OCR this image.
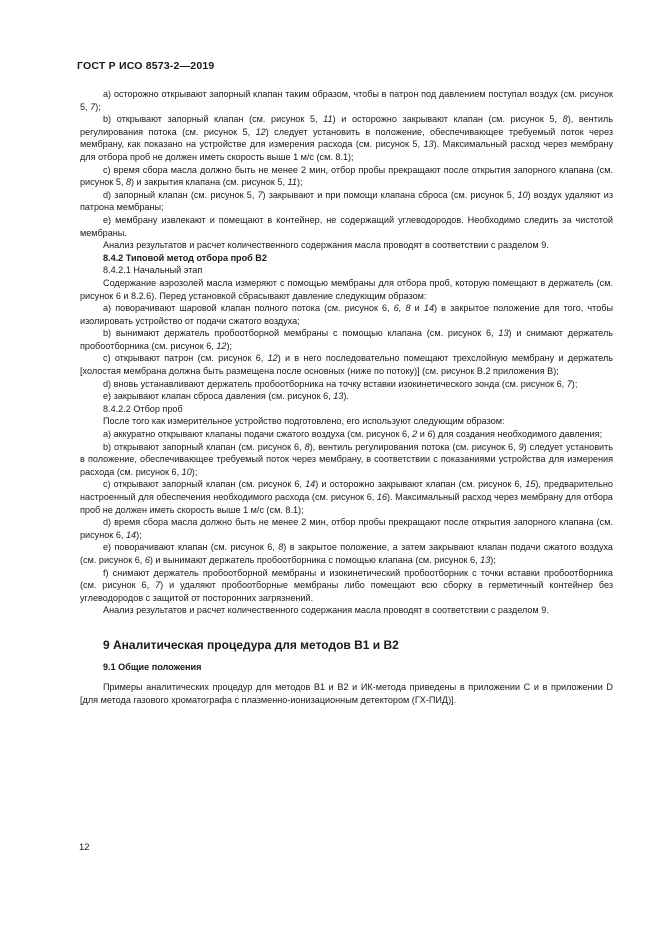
ГОСТ Р ИСО 8573-2—2019

а) осторожно открывают запорный клапан таким образом, чтобы в патрон под давлением поступал воздух (см. рисунок 5, 7);

b) открывают запорный клапан (см. рисунок 5, 11) и осторожно закрывают клапан (см. рисунок 5, 8), вентиль регулирования потока (см. рисунок 5, 12) следует установить в положение, обеспечивающее требуемый поток через мембрану, как показано на устройстве для измерения расхода (см. рисунок 5, 13). Максимальный расход через мембрану для отбора проб не должен иметь скорость выше 1 м/с (см. 8.1);

c) время сбора масла должно быть не менее 2 мин, отбор пробы прекращают после открытия запорного клапана (см. рисунок 5, 8) и закрытия клапана (см. рисунок 5, 11);

d) запорный клапан (см. рисунок 5, 7) закрывают и при помощи клапана сброса (см. рисунок 5, 10) воздух удаляют из патрона мембраны;

e) мембрану извлекают и помещают в контейнер, не содержащий углеводородов. Необходимо следить за чистотой мембраны.

Анализ результатов и расчет количественного содержания масла проводят в соответствии с разделом 9.

8.4.2 Типовой метод отбора проб B2

8.4.2.1 Начальный этап

Содержание аэрозолей масла измеряют с помощью мембраны для отбора проб, которую помещают в держатель (см. рисунок 6 и 8.2.6). Перед установкой сбрасывают давление следующим образом:

а) поворачивают шаровой клапан полного потока (см. рисунок 6, 6, 8 и 14) в закрытое положение для того, чтобы изолировать устройство от подачи сжатого воздуха;

b) вынимают держатель пробоотборной мембраны с помощью клапана (см. рисунок 6, 13) и снимают держатель пробоотборника (см. рисунок 6, 12);

c) открывают патрон (см. рисунок 6, 12) и в него последовательно помещают трехслойную мембрану и держатель [холостая мембрана должна быть размещена после основных (ниже по потоку)] (см. рисунок В.2 приложения В);

d) вновь устанавливают держатель пробоотборника на точку вставки изокинетического зонда (см. рисунок 6, 7);

e) закрывают клапан сброса давления (см. рисунок 6, 13).

8.4.2.2 Отбор проб

После того как измерительное устройство подготовлено, его используют следующим образом:

а) аккуратно открывают клапаны подачи сжатого воздуха (см. рисунок 6, 2 и 6) для создания необходимого давления;

b) открывают запорный клапан (см. рисунок 6, 8), вентиль регулирования потока (см. рисунок 6, 9) следует установить в положение, обеспечивающее требуемый поток через мембрану, в соответствии с показаниями устройства для измерения расхода (см. рисунок 6, 10);

c) открывают запорный клапан (см. рисунок 6, 14) и осторожно закрывают клапан (см. рисунок 6, 15), предварительно настроенный для обеспечения необходимого расхода (см. рисунок 6, 16). Максимальный расход через мембрану для отбора проб не должен иметь скорость выше 1 м/с (см. 8.1);

d) время сбора масла должно быть не менее 2 мин, отбор пробы прекращают после открытия запорного клапана (см. рисунок 6, 14);

e) поворачивают клапан (см. рисунок 6, 8) в закрытое положение, а затем закрывают клапан подачи сжатого воздуха (см. рисунок 6, 6) и вынимают держатель пробоотборника с помощью клапана (см. рисунок 6, 13);

f) снимают держатель пробоотборной мембраны и изокинетический пробоотборник с точки вставки пробоотборника (см. рисунок 6, 7) и удаляют пробоотборные мембраны либо помещают всю сборку в герметичный контейнер без углеводородов с защитой от посторонних загрязнений.

Анализ результатов и расчет количественного содержания масла проводят в соответствии с разделом 9.

9 Аналитическая процедура для методов B1 и B2
9.1 Общие положения

Примеры аналитических процедур для методов B1 и B2 и ИК-метода приведены в приложении С и в приложении D [для метода газового хроматографа с плазменно-ионизационным детектором (ГХ-ПИД)].

12
